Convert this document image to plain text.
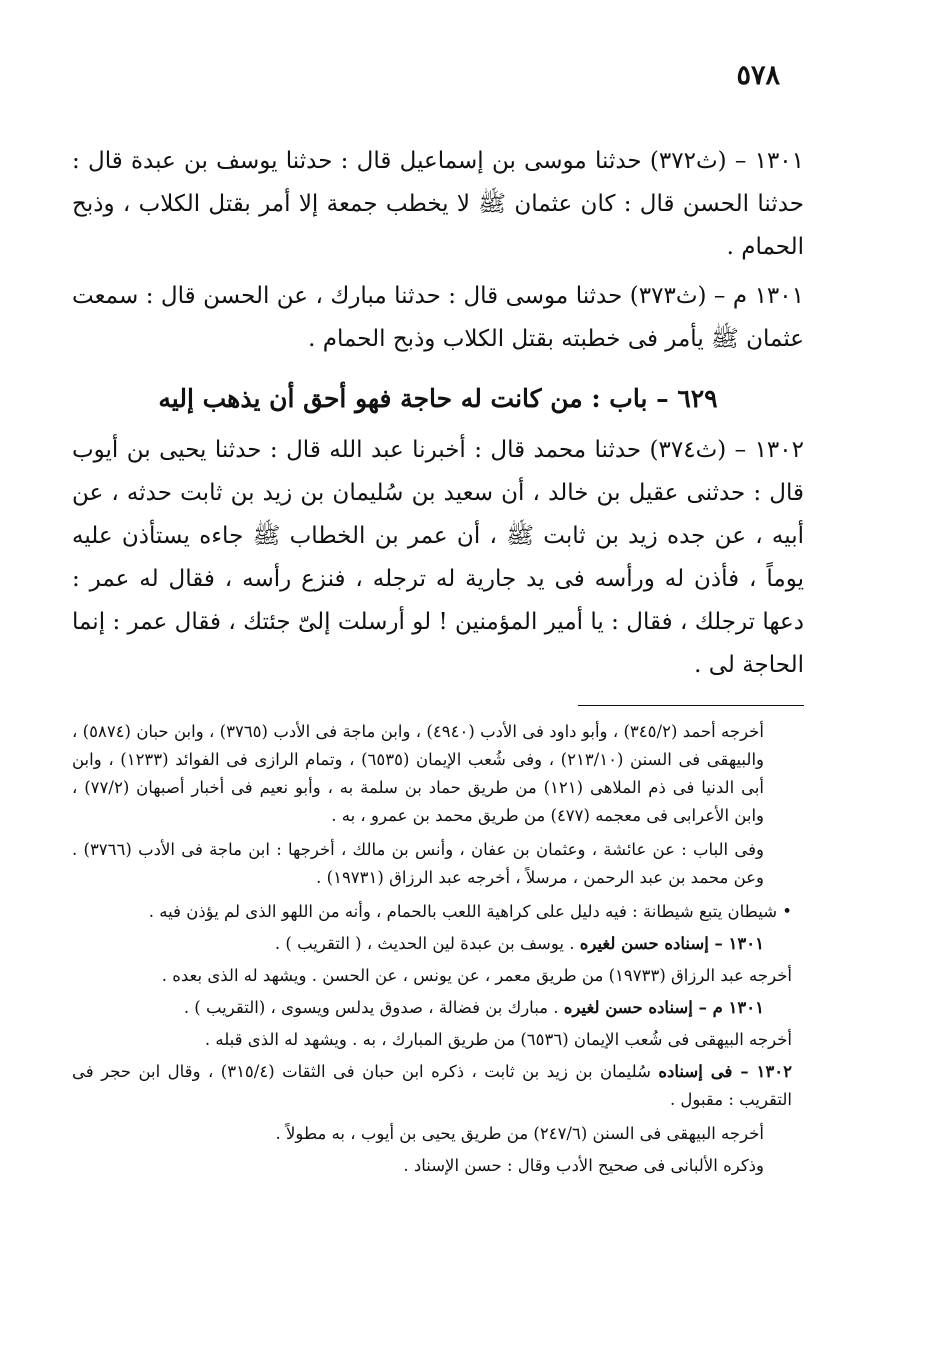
٥٧٨

١٣٠١ – (ث٣٧٢) حدثنا موسى بن إسماعيل قال : حدثنا يوسف بن عبدة قال : حدثنا الحسن قال : كان عثمان ﷺ لا يخطب جمعة إلا أمر بقتل الكلاب ، وذبح الحمام .

١٣٠١ م – (ث٣٧٣) حدثنا موسى قال : حدثنا مبارك ، عن الحسن قال : سمعت عثمان ﷺ يأمر فى خطبته بقتل الكلاب وذبح الحمام .

٦٢٩ – باب : من كانت له حاجة فهو أحق أن يذهب إليه

١٣٠٢ – (ث٣٧٤) حدثنا محمد قال : أخبرنا عبد الله قال : حدثنا يحيى بن أيوب قال : حدثنى عقيل بن خالد ، أن سعيد بن سُليمان بن زيد بن ثابت حدثه ، عن أبيه ، عن جده زيد بن ثابت ﷺ ، أن عمر بن الخطاب ﷺ جاءه يستأذن عليه يوماً ، فأذن له ورأسه فى يد جارية له ترجله ، فنزع رأسه ، فقال له عمر : دعها ترجلك ، فقال : يا أمير المؤمنين ! لو أرسلت إلىّ جئتك ، فقال عمر : إنما الحاجة لى .

أخرجه أحمد (٣٤٥/٢) ، وأبو داود فى الأدب (٤٩٤٠) ، وابن ماجة فى الأدب (٣٧٦٥) ، وابن حبان (٥٨٧٤) ، والبيهقى فى السنن (٢١٣/١٠) ، وفى شُعب الإيمان (٦٥٣٥) ، وتمام الرازى فى الفوائد (١٢٣٣) ، وابن أبى الدنيا فى ذم الملاهى (١٢١) من طريق حماد بن سلمة به ، وأبو نعيم فى أخبار أصبهان (٧٧/٢) ، وابن الأعرابى فى معجمه (٤٧٧) من طريق محمد بن عمرو ، به .

وفى الباب : عن عائشة ، وعثمان بن عفان ، وأنس بن مالك ، أخرجها : ابن ماجة فى الأدب (٣٧٦٦) . وعن محمد بن عبد الرحمن ، مرسلاً ، أخرجه عبد الرزاق (١٩٧٣١) .

• شيطان يتبع شيطانة : فيه دليل على كراهية اللعب بالحمام ، وأنه من اللهو الذى لم يؤذن فيه .

١٣٠١ – إسناده حسن لغيره . يوسف بن عبدة لين الحديث ، ( التقريب ) .

أخرجه عبد الرزاق (١٩٧٣٣) من طريق معمر ، عن يونس ، عن الحسن . ويشهد له الذى بعده .

١٣٠١ م – إسناده حسن لغيره . مبارك بن فضالة ، صدوق يدلس ويسوى ، (التقريب ) .

أخرجه البيهقى فى شُعب الإيمان (٦٥٣٦) من طريق المبارك ، به . ويشهد له الذى قبله .

١٣٠٢ – فى إسناده سُليمان بن زيد بن ثابت ، ذكره ابن حبان فى الثقات (٣١٥/٤) ، وقال ابن حجر فى التقريب : مقبول .

أخرجه البيهقى فى السنن (٢٤٧/٦) من طريق يحيى بن أيوب ، به مطولاً .

وذكره الألبانى فى صحيح الأدب وقال : حسن الإسناد .
